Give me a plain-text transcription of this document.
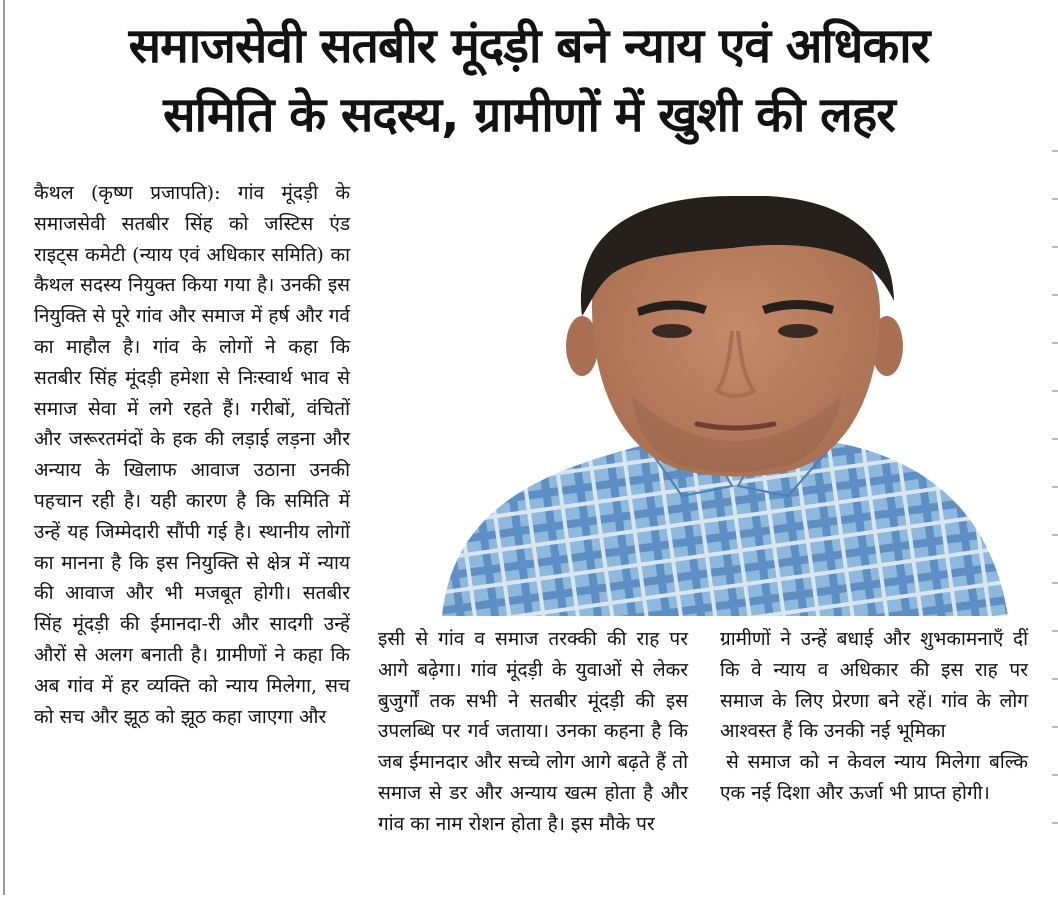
समाजसेवी सतबीर मूंदड़ी बने न्याय एवं अधिकार
समिति के सदस्य, ग्रामीणों में खुशी की लहर

कैथल (कृष्ण प्रजापति): गांव मूंदड़ी के समाजसेवी सतबीर सिंह को जस्टिस एंड राइट्स कमेटी (न्याय एवं अधिकार समिति) का कैथल सदस्य नियुक्त किया गया है। उनकी इस नियुक्ति से पूरे गांव और समाज में हर्ष और गर्व का माहौल है। गांव के लोगों ने कहा कि सतबीर सिंह मूंदड़ी हमेशा से निःस्वार्थ भाव से समाज सेवा में लगे रहते हैं। गरीबों, वंचितों और जरूरतमंदों के हक की लड़ाई लड़ना और अन्याय के खिलाफ आवाज उठाना उनकी पहचान रही है। यही कारण है कि समिति में उन्हें यह जिम्मेदारी सौंपी गई है। स्थानीय लोगों का मानना है कि इस नियुक्ति से क्षेत्र में न्याय की आवाज और भी मजबूत होगी। सतबीर सिंह मूंदड़ी की ईमानदा-री और सादगी उन्हें औरों से अलग बनाती है। ग्रामीणों ने कहा कि अब गांव में हर व्यक्ति को न्याय मिलेगा, सच को सच और झूठ को झूठ कहा जाएगा और

इसी से गांव व समाज तरक्की की राह पर आगे बढ़ेगा। गांव मूंदड़ी के युवाओं से लेकर बुजुर्गों तक सभी ने सतबीर मूंदड़ी की इस उपलब्धि पर गर्व जताया। उनका कहना है कि जब ईमानदार और सच्चे लोग आगे बढ़ते हैं तो समाज से डर और अन्याय खत्म होता है और गांव का नाम रोशन होता है। इस मौके पर

ग्रामीणों ने उन्हें बधाई और शुभकामनाएँ दीं कि वे न्याय व अधिकार की इस राह पर समाज के लिए प्रेरणा बने रहें। गांव के लोग आश्वस्त हैं कि उनकी नई भूमिका

से समाज को न केवल न्याय मिलेगा बल्कि एक नई दिशा और ऊर्जा भी प्राप्त होगी।
